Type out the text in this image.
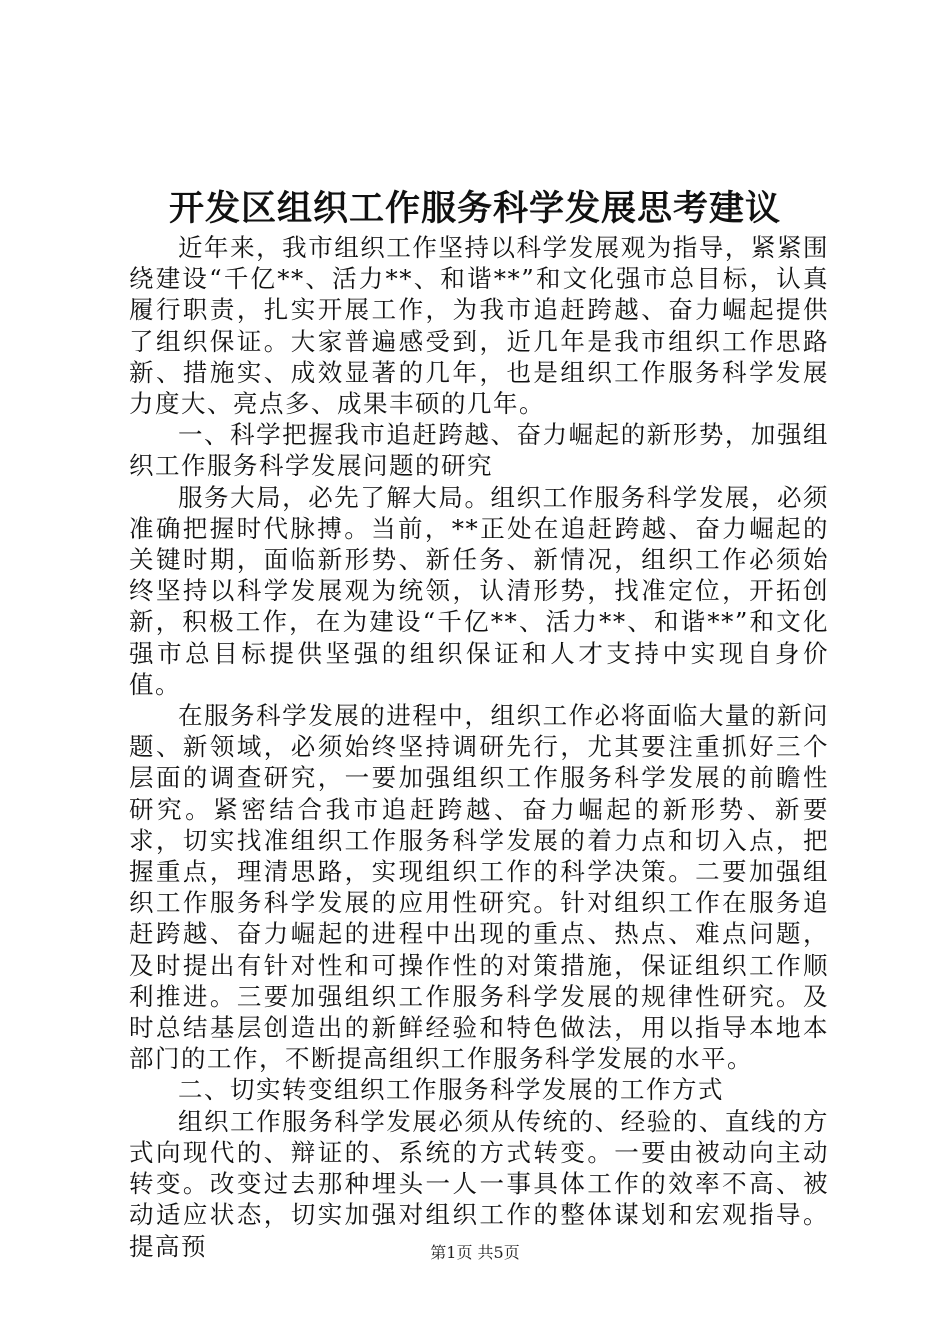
开发区组织工作服务科学发展思考建议

近年来，我市组织工作坚持以科学发展观为指导，紧紧围绕建设“千亿**、活力**、和谐**”和文化强市总目标，认真履行职责，扎实开展工作，为我市追赶跨越、奋力崛起提供了组织保证。大家普遍感受到，近几年是我市组织工作思路新、措施实、成效显著的几年，也是组织工作服务科学发展力度大、亮点多、成果丰硕的几年。

一、科学把握我市追赶跨越、奋力崛起的新形势，加强组织工作服务科学发展问题的研究

服务大局，必先了解大局。组织工作服务科学发展，必须准确把握时代脉搏。当前，**正处在追赶跨越、奋力崛起的关键时期，面临新形势、新任务、新情况，组织工作必须始终坚持以科学发展观为统领，认清形势，找准定位，开拓创新，积极工作，在为建设“千亿**、活力**、和谐**”和文化强市总目标提供坚强的组织保证和人才支持中实现自身价值。

在服务科学发展的进程中，组织工作必将面临大量的新问题、新领域，必须始终坚持调研先行，尤其要注重抓好三个层面的调查研究，一要加强组织工作服务科学发展的前瞻性研究。紧密结合我市追赶跨越、奋力崛起的新形势、新要求，切实找准组织工作服务科学发展的着力点和切入点，把握重点，理清思路，实现组织工作的科学决策。二要加强组织工作服务科学发展的应用性研究。针对组织工作在服务追赶跨越、奋力崛起的进程中出现的重点、热点、难点问题，及时提出有针对性和可操作性的对策措施，保证组织工作顺利推进。三要加强组织工作服务科学发展的规律性研究。及时总结基层创造出的新鲜经验和特色做法，用以指导本地本部门的工作，不断提高组织工作服务科学发展的水平。

二、切实转变组织工作服务科学发展的工作方式

组织工作服务科学发展必须从传统的、经验的、直线的方式向现代的、辩证的、系统的方式转变。一要由被动向主动转变。改变过去那种埋头一人一事具体工作的效率不高、被动适应状态，切实加强对组织工作的整体谋划和宏观指导。提高预	第1页 共5页
